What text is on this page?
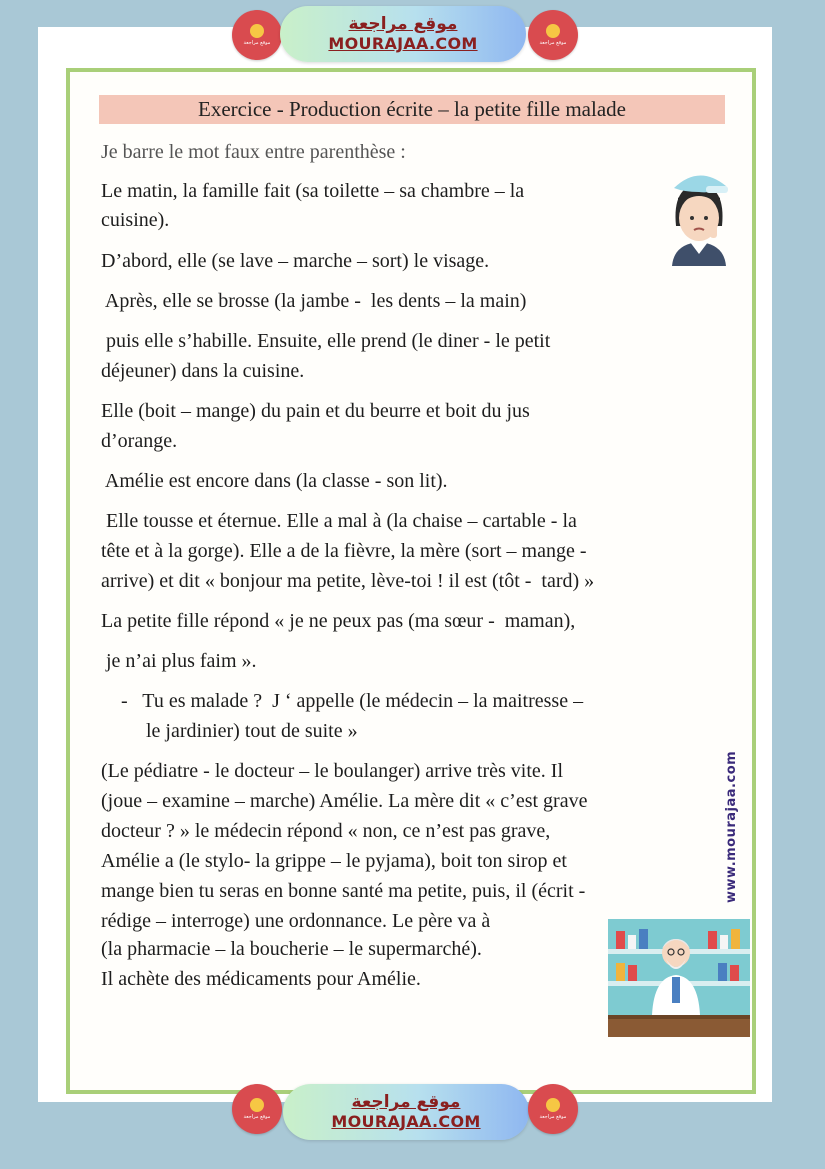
موقع مراجعة
موقع مراجعة
MOURAJAA.COM	موقع مراجعة
Exercice - Production écrite – la petite fille malade
Je barre le mot faux entre parenthèse :
Le matin, la famille fait (sa toilette – sa chambre – la
cuisine).
D’abord, elle (se lave – marche – sort) le visage.
Après, elle se brosse (la jambe -  les dents – la main)
puis elle s’habille. Ensuite, elle prend (le diner - le petit
déjeuner) dans la cuisine.
Elle (boit – mange) du pain et du beurre et boit du jus
d’orange.
Amélie est encore dans (la classe - son lit).
Elle tousse et éternue. Elle a mal à (la chaise – cartable - la
tête et à la gorge). Elle a de la fièvre, la mère (sort – mange -
arrive) et dit « bonjour ma petite, lève-toi ! il est (tôt -  tard) »
La petite fille répond « je ne peux pas (ma sœur -  maman),
je n’ai plus faim ».
-   Tu es malade ?  J ‘ appelle (le médecin – la maitresse –
le jardinier) tout de suite »
(Le pédiatre - le docteur – le boulanger) arrive très vite. Il
(joue – examine – marche) Amélie. La mère dit « c’est grave
docteur ? » le médecin répond « non, ce n’est pas grave,
Amélie a (le stylo- la grippe – le pyjama), boit ton sirop et
mange bien tu seras en bonne santé ma petite, puis, il (écrit -
rédige – interroge) une ordonnance. Le père va à
(la pharmacie – la boucherie – le supermarché).
Il achète des médicaments pour Amélie.
www.mourajaa.com
موقع مراجعة
موقع مراجعة
MOURAJAA.COM	موقع مراجعة
